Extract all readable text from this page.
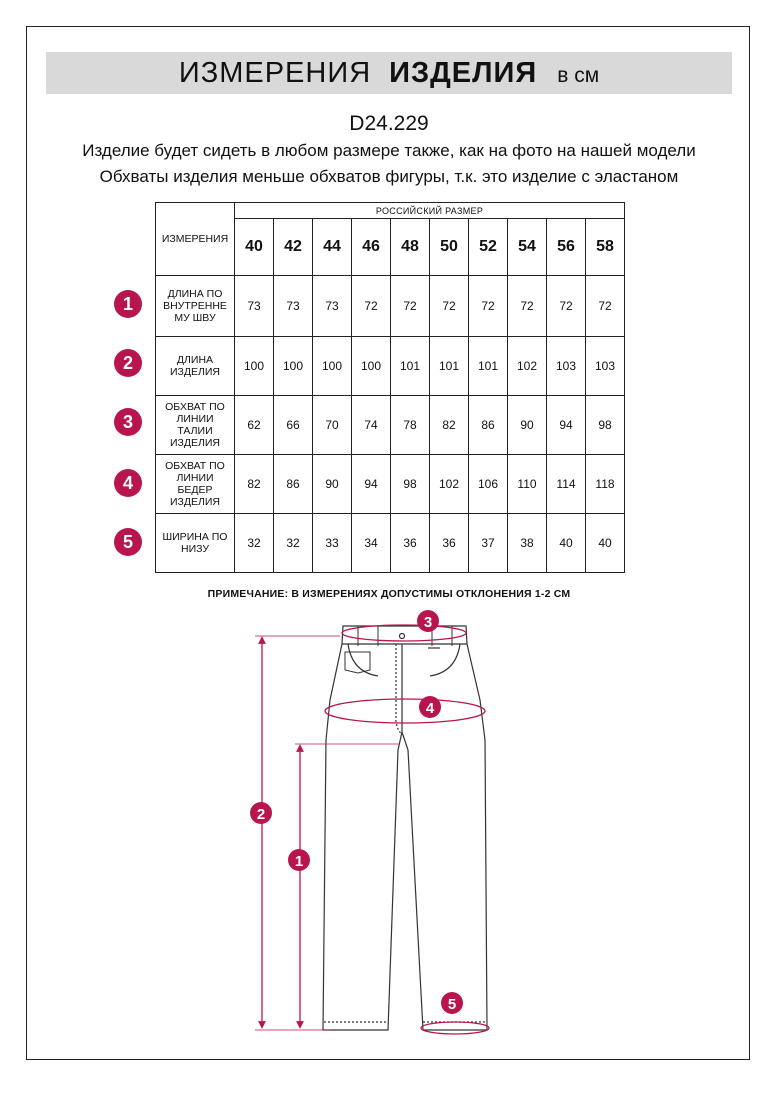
ИЗМЕРЕНИЯ ИЗДЕЛИЯ в см
D24.229
Изделие будет сидеть в любом размере также, как на фото на нашей модели
Обхваты изделия меньше обхватов фигуры, т.к. это изделие с эластаном
ИЗМЕРЕНИЯ	РОССИЙСКИЙ РАЗМЕР									
	40	42	44	46	48	50	52	54	56	58
ДЛИНА ПО
ВНУТРЕННЕ
МУ ШВУ	73	73	73	72	72	72	72	72	72	72
ДЛИНА
ИЗДЕЛИЯ	100	100	100	100	101	101	101	102	103	103
ОБХВАТ ПО
ЛИНИИ
ТАЛИИ
ИЗДЕЛИЯ	62	66	70	74	78	82	86	90	94	98
ОБХВАТ ПО
ЛИНИИ
БЕДЕР
ИЗДЕЛИЯ	82	86	90	94	98	102	106	110	114	118
ШИРИНА ПО
НИЗУ	32	32	33	34	36	36	37	38	40	40
1
2
3
4
5
ПРИМЕЧАНИЕ: В ИЗМЕРЕНИЯХ ДОПУСТИМЫ ОТКЛОНЕНИЯ 1-2 СМ
3
4
2
1
5
